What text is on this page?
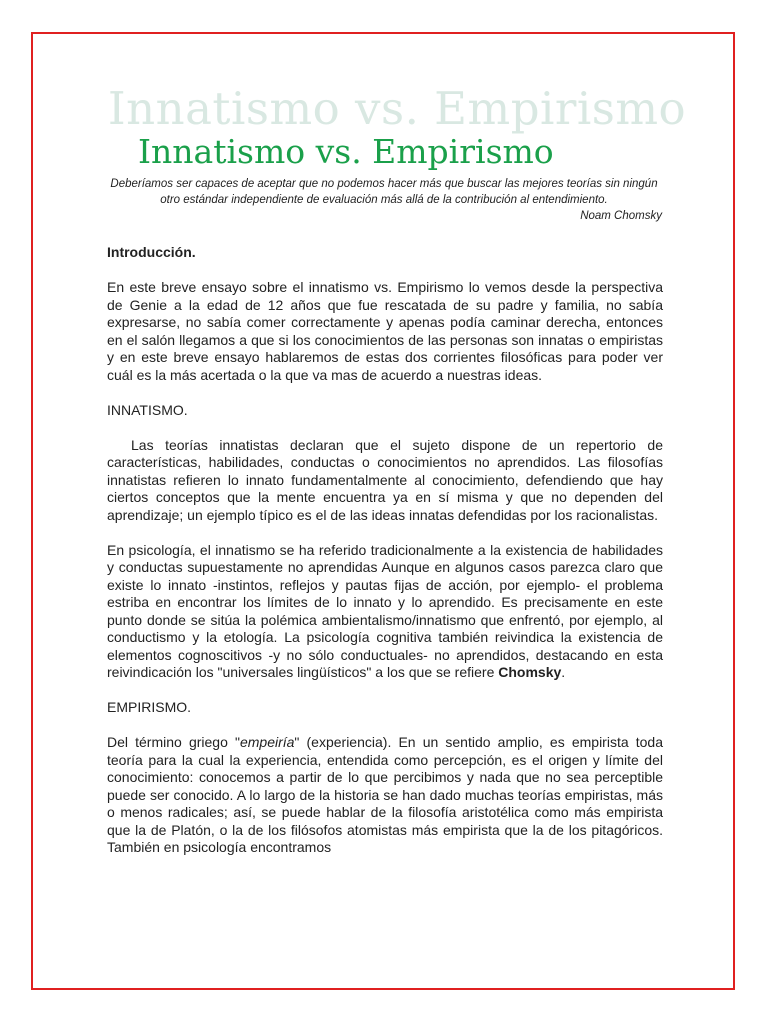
Innatismo vs. Empirismo
Innatismo vs. Empirismo
Deberíamos ser capaces de aceptar que no podemos hacer más que buscar las mejores teorías sin ningún otro estándar independiente de evaluación más allá de la contribución al entendimiento.
Noam Chomsky

Introducción.

En este breve ensayo sobre el innatismo vs. Empirismo lo vemos desde la perspectiva de Genie a la edad de 12 años que fue rescatada de su padre y familia, no sabía expresarse, no sabía comer correctamente y apenas podía caminar derecha, entonces en el salón llegamos a que si los conocimientos de las personas son innatas o empiristas y en este breve ensayo hablaremos de estas dos corrientes filosóficas para poder ver cuál es la más acertada o la que va mas de acuerdo a nuestras ideas.

INNATISMO.

Las teorías innatistas declaran que el sujeto dispone de un repertorio de características, habilidades, conductas o conocimientos no aprendidos. Las filosofías innatistas refieren lo innato fundamentalmente al conocimiento, defendiendo que hay ciertos conceptos que la mente encuentra ya en sí misma y que no dependen del aprendizaje; un ejemplo típico es el de las ideas innatas defendidas por los racionalistas.

En psicología, el innatismo se ha referido tradicionalmente a la existencia de habilidades y conductas supuestamente no aprendidas Aunque en algunos casos parezca claro que existe lo innato -instintos, reflejos y pautas fijas de acción, por ejemplo- el problema estriba en encontrar los límites de lo innato y lo aprendido. Es precisamente en este punto donde se sitúa la polémica ambientalismo/innatismo que enfrentó, por ejemplo, al conductismo y la etología. La psicología cognitiva también reivindica la existencia de elementos cognoscitivos -y no sólo conductuales- no aprendidos, destacando en esta reivindicación los "universales lingüísticos" a los que se refiere Chomsky.

EMPIRISMO.

Del término griego "empeiría" (experiencia). En un sentido amplio, es empirista toda teoría para la cual la experiencia, entendida como percepción, es el origen y límite del conocimiento: conocemos a partir de lo que percibimos y nada que no sea perceptible puede ser conocido. A lo largo de la historia se han dado muchas teorías empiristas, más o menos radicales; así, se puede hablar de la filosofía aristotélica como más empirista que la de Platón, o la de los filósofos atomistas más empirista que la de los pitagóricos. También en psicología encontramos
